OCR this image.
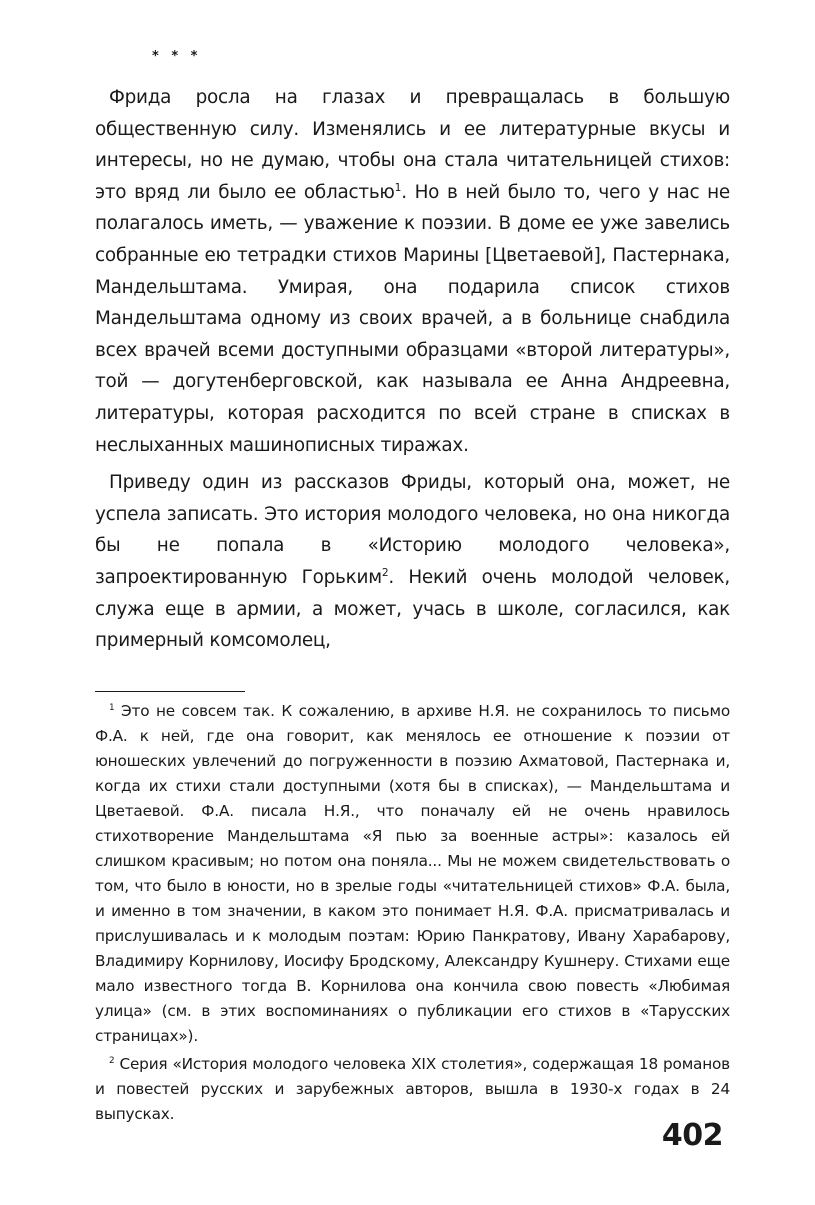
* * *

Фрида росла на глазах и превращалась в большую общественную силу. Изменялись и ее литературные вкусы и интересы, но не думаю, чтобы она стала читательницей стихов: это вряд ли было ее областью$^1$. Но в ней было то, чего у нас не полагалось иметь, — уважение к поэзии. В доме ее уже завелись собранные ею тетрадки стихов Марины [Цветаевой], Пастернака, Мандельштама. Умирая, она подарила список стихов Мандельштама одному из своих врачей, а в больнице снабдила всех врачей всеми доступными образцами «второй литературы», той — догутенберговской, как называла ее Анна Андреевна, литературы, которая расходится по всей стране в списках в неслыханных машинописных тиражах.

Приведу один из рассказов Фриды, который она, может, не успела записать. Это история молодого человека, но она никогда бы не попала в «Историю молодого человека», запроектированную Горьким$^2$. Некий очень молодой человек, служа еще в армии, а может, учась в школе, согласился, как примерный комсомолец,

$^1$ Это не совсем так. К сожалению, в архиве Н.Я. не сохранилось то письмо Ф.А. к ней, где она говорит, как менялось ее отношение к поэзии от юношеских увлечений до погруженности в поэзию Ахматовой, Пастернака и, когда их стихи стали доступными (хотя бы в списках), — Мандельштама и Цветаевой. Ф.А. писала Н.Я., что поначалу ей не очень нравилось стихотворение Мандельштама «Я пью за военные астры»: казалось ей слишком красивым; но потом она поняла... Мы не можем свидетельствовать о том, что было в юности, но в зрелые годы «читательницей стихов» Ф.А. была, и именно в том значении, в каком это понимает Н.Я. Ф.А. присматривалась и прислушивалась и к молодым поэтам: Юрию Панкратову, Ивану Харабарову, Владимиру Корнилову, Иосифу Бродскому, Александру Кушнеру. Стихами еще мало известного тогда В. Корнилова она кончила свою повесть «Любимая улица» (см. в этих воспоминаниях о публикации его стихов в «Тарусских страницах»).

$^2$ Серия «История молодого человека XIX столетия», содержащая 18 романов и повестей русских и зарубежных авторов, вышла в 1930-х годах в 24 выпусках.

402
